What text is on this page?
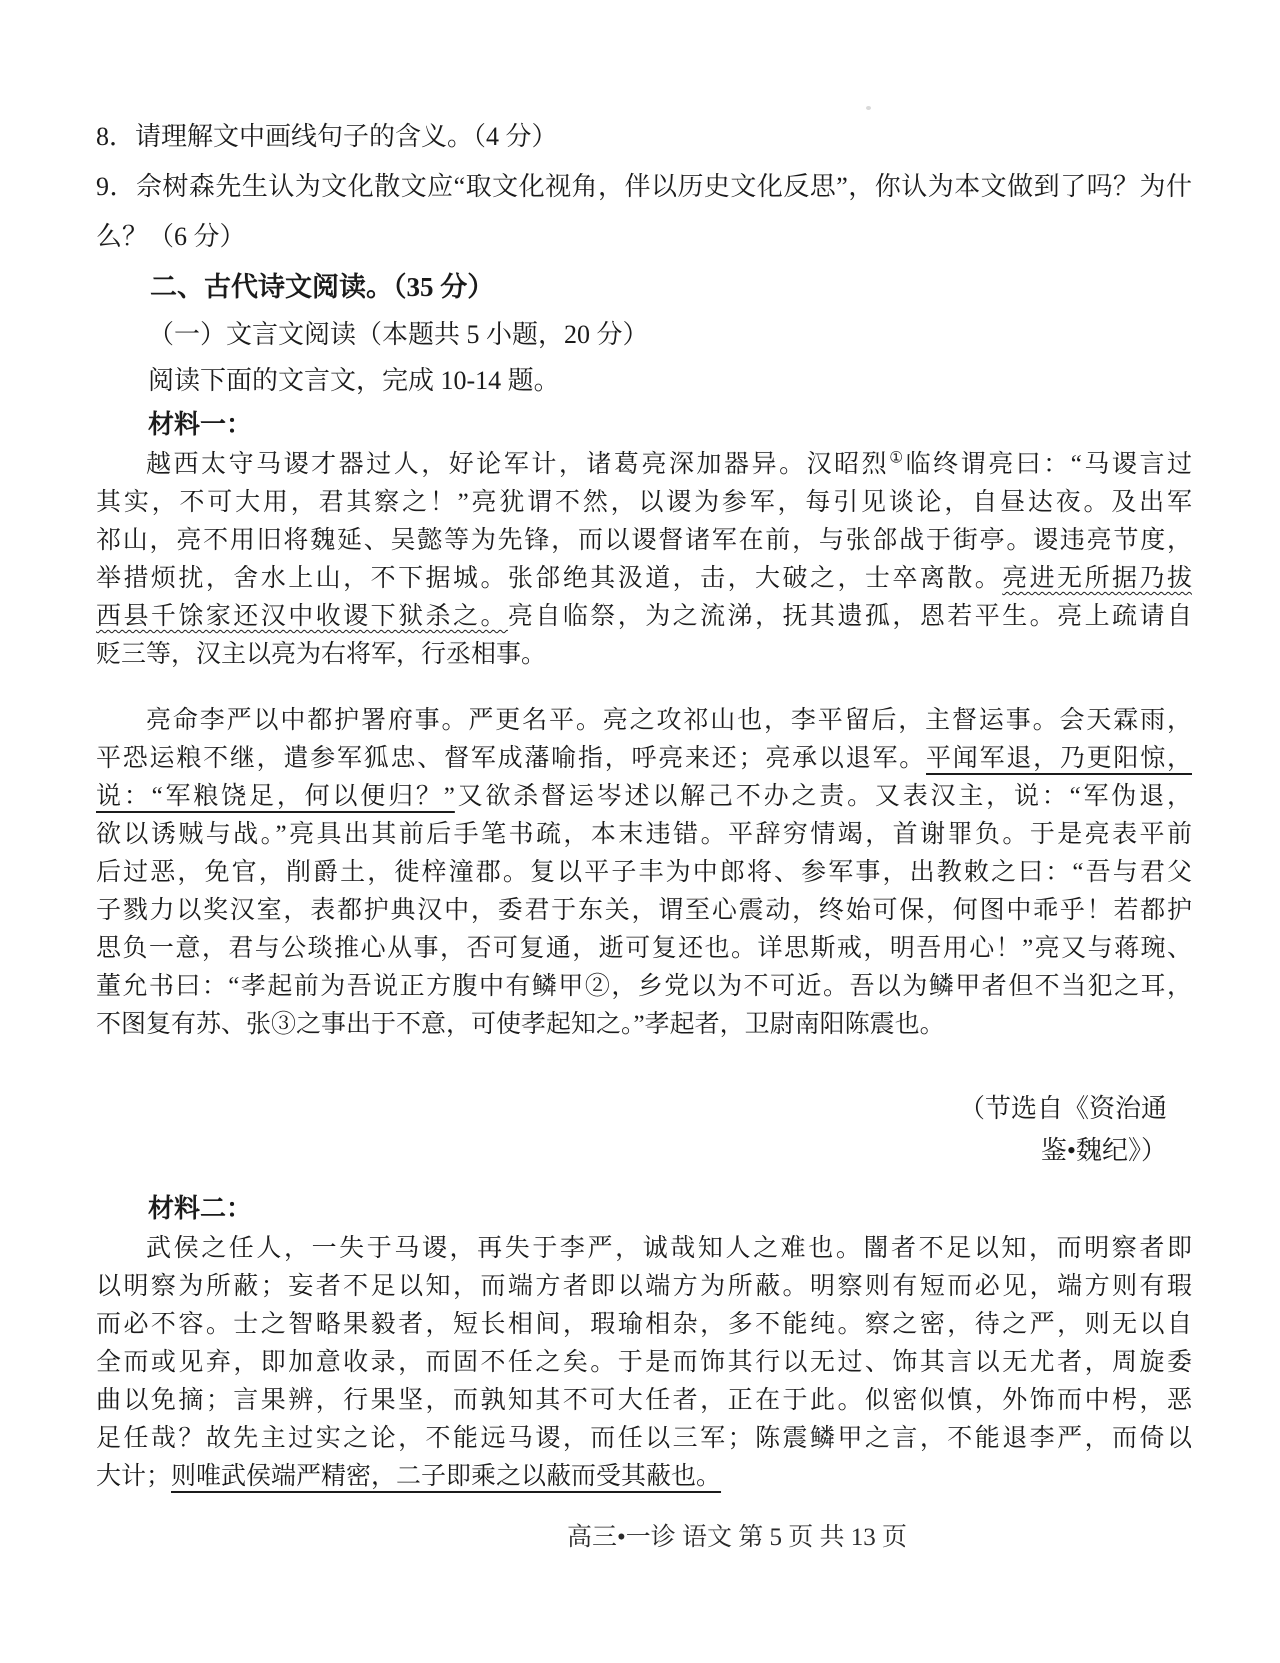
8．请理解文中画线句子的含义。（4 分）
9．佘树森先生认为文化散文应“取文化视角，伴以历史文化反思”，你认为本文做到了吗？为什
么？（6 分）
二、古代诗文阅读。（35 分）
（一）文言文阅读（本题共 5 小题，20 分）
阅读下面的文言文，完成 10-14 题。
材料一：
越西太守马谡才器过人，好论军计，诸葛亮深加器异。汉昭烈①临终谓亮曰：“马谡言过
其实，不可大用，君其察 •之！”亮犹谓不然，以谡为参军，每引见谈论，自昼达夜。及出军
祁山，亮不用旧将魏延、吴懿等为先锋，而以谡督诸军在前，与张郃战于街亭。谡违亮节度，
举措烦扰，舍水上山，不下据城。张郃绝其汲道，击，大破之，士卒离散。亮进无所据乃拔
西县千馀家还汉中收谡下狱杀之。亮自临祭，为之流涕，抚其遗孤，恩若平生。亮上疏请自
贬三等，汉主以亮为右将军，行丞相事。
亮命李严以中都护署府事。严更名平。亮之攻祁山也，李平留后，主督运事。会天霖雨，
平恐运粮不继，遣参军狐忠、督军成藩喻指，呼亮来还；亮承以退军。平闻军退，乃更阳惊，
说：“军粮饶足，何以便归？”又欲杀督运岑述以解己不办之责。又表汉主，说：“军伪退，
欲以诱贼与战。”亮具出其前后手笔书疏，本末违错。平辞穷情竭，首谢罪负。于是亮表平前
后过恶，免官，削爵土，徙梓潼郡。复以平子丰为中郎将、参军事，出教敕之曰：“吾与君父
子戮力以奖汉室，表都护典汉中，委君于东关，谓至心震动，终始可保，何图中乖乎！若都护
思负一意，君与公琰推心从事，否可复通，逝可复还也。详思斯戒，明吾用心！”亮又与蒋琬、
董允书曰：“孝起前为吾说正方腹中有鳞甲②，乡党以为不可近。吾以为鳞甲者但不当犯之耳，
不图 •复有苏、张③之事出于不意，可使孝起知之。”孝起者，卫尉南阳陈震也。
（节选自《资治通
鉴•魏纪》）
材料二：
武侯之任人，一失于马谡，再失于李严，诚哉知人之难也。闇者不足以知，而明察者即
以明察为所蔽；妄者不足以知，而端方者即以端方为所蔽。明察则有短而必见，端方则有瑕
而必不容。士之智略果毅者，短长相间，瑕瑜相杂，多不能纯。察之密，待之严，则无以自
全而或见 •弃，即加意收录，而固不任之矣。于是而饰其行以无过、饰其言以无尤者，周旋委
曲以免摘；言果辨，行果坚，而孰知其不可大任者，正在于此。似密似慎，外饰而中枵，恶
足任哉？故先主过实之论，不能远马谡，而任以三军；陈震鳞甲之言，不能退李严，而倚以
大计；则唯武侯端严精密，二子即乘之以蔽而受其蔽也。
高三•一诊 语文 第 5 页 共 13 页
